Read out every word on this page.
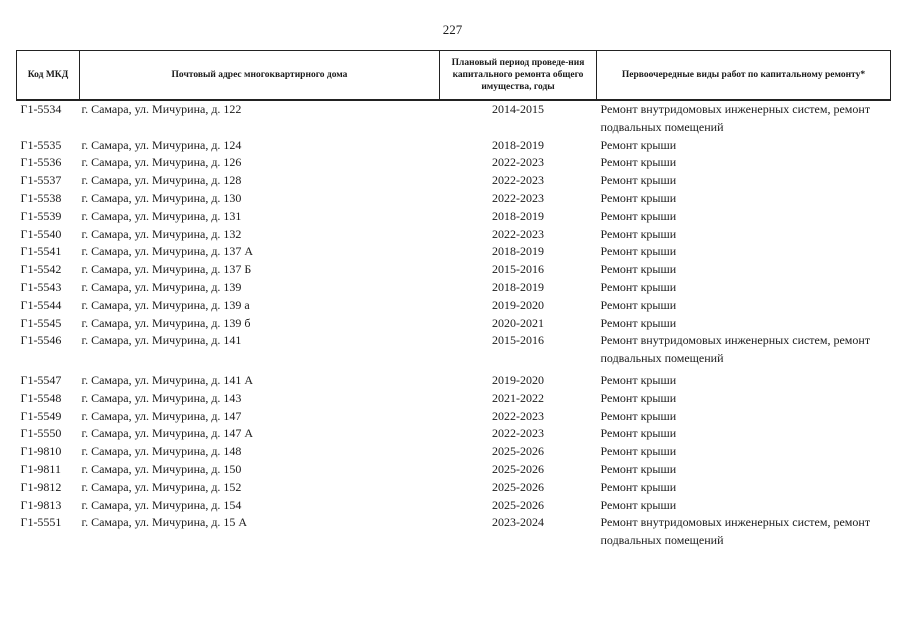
227
Код МКД	Почтовый адрес многоквартирного дома	Плановый период проведе-ния капитального ремонта общего имущества, годы	Первоочередные виды работ по капитальному ремонту*
Г1-5534	г. Самара, ул. Мичурина, д. 122	2014-2015	Ремонт внутридомовых инженерных систем, ремонт подвальных помещений
Г1-5535	г. Самара, ул. Мичурина, д. 124	2018-2019	Ремонт крыши
Г1-5536	г. Самара, ул. Мичурина, д. 126	2022-2023	Ремонт крыши
Г1-5537	г. Самара, ул. Мичурина, д. 128	2022-2023	Ремонт крыши
Г1-5538	г. Самара, ул. Мичурина, д. 130	2022-2023	Ремонт крыши
Г1-5539	г. Самара, ул. Мичурина, д. 131	2018-2019	Ремонт крыши
Г1-5540	г. Самара, ул. Мичурина, д. 132	2022-2023	Ремонт крыши
Г1-5541	г. Самара, ул. Мичурина, д. 137 А	2018-2019	Ремонт крыши
Г1-5542	г. Самара, ул. Мичурина, д. 137 Б	2015-2016	Ремонт крыши
Г1-5543	г. Самара, ул. Мичурина, д. 139	2018-2019	Ремонт крыши
Г1-5544	г. Самара, ул. Мичурина, д. 139 а	2019-2020	Ремонт крыши
Г1-5545	г. Самара, ул. Мичурина, д. 139 б	2020-2021	Ремонт крыши
Г1-5546	г. Самара, ул. Мичурина, д. 141	2015-2016	Ремонт внутридомовых инженерных систем, ремонт подвальных помещений

Г1-5547	г. Самара, ул. Мичурина, д. 141 А	2019-2020	Ремонт крыши
Г1-5548	г. Самара, ул. Мичурина, д. 143	2021-2022	Ремонт крыши
Г1-5549	г. Самара, ул. Мичурина, д. 147	2022-2023	Ремонт крыши
Г1-5550	г. Самара, ул. Мичурина, д. 147 А	2022-2023	Ремонт крыши
Г1-9810	г. Самара, ул. Мичурина, д. 148	2025-2026	Ремонт крыши
Г1-9811	г. Самара, ул. Мичурина, д. 150	2025-2026	Ремонт крыши
Г1-9812	г. Самара, ул. Мичурина, д. 152	2025-2026	Ремонт крыши
Г1-9813	г. Самара, ул. Мичурина, д. 154	2025-2026	Ремонт крыши
Г1-5551	г. Самара, ул. Мичурина, д. 15 А	2023-2024	Ремонт внутридомовых инженерных систем, ремонт подвальных помещений
